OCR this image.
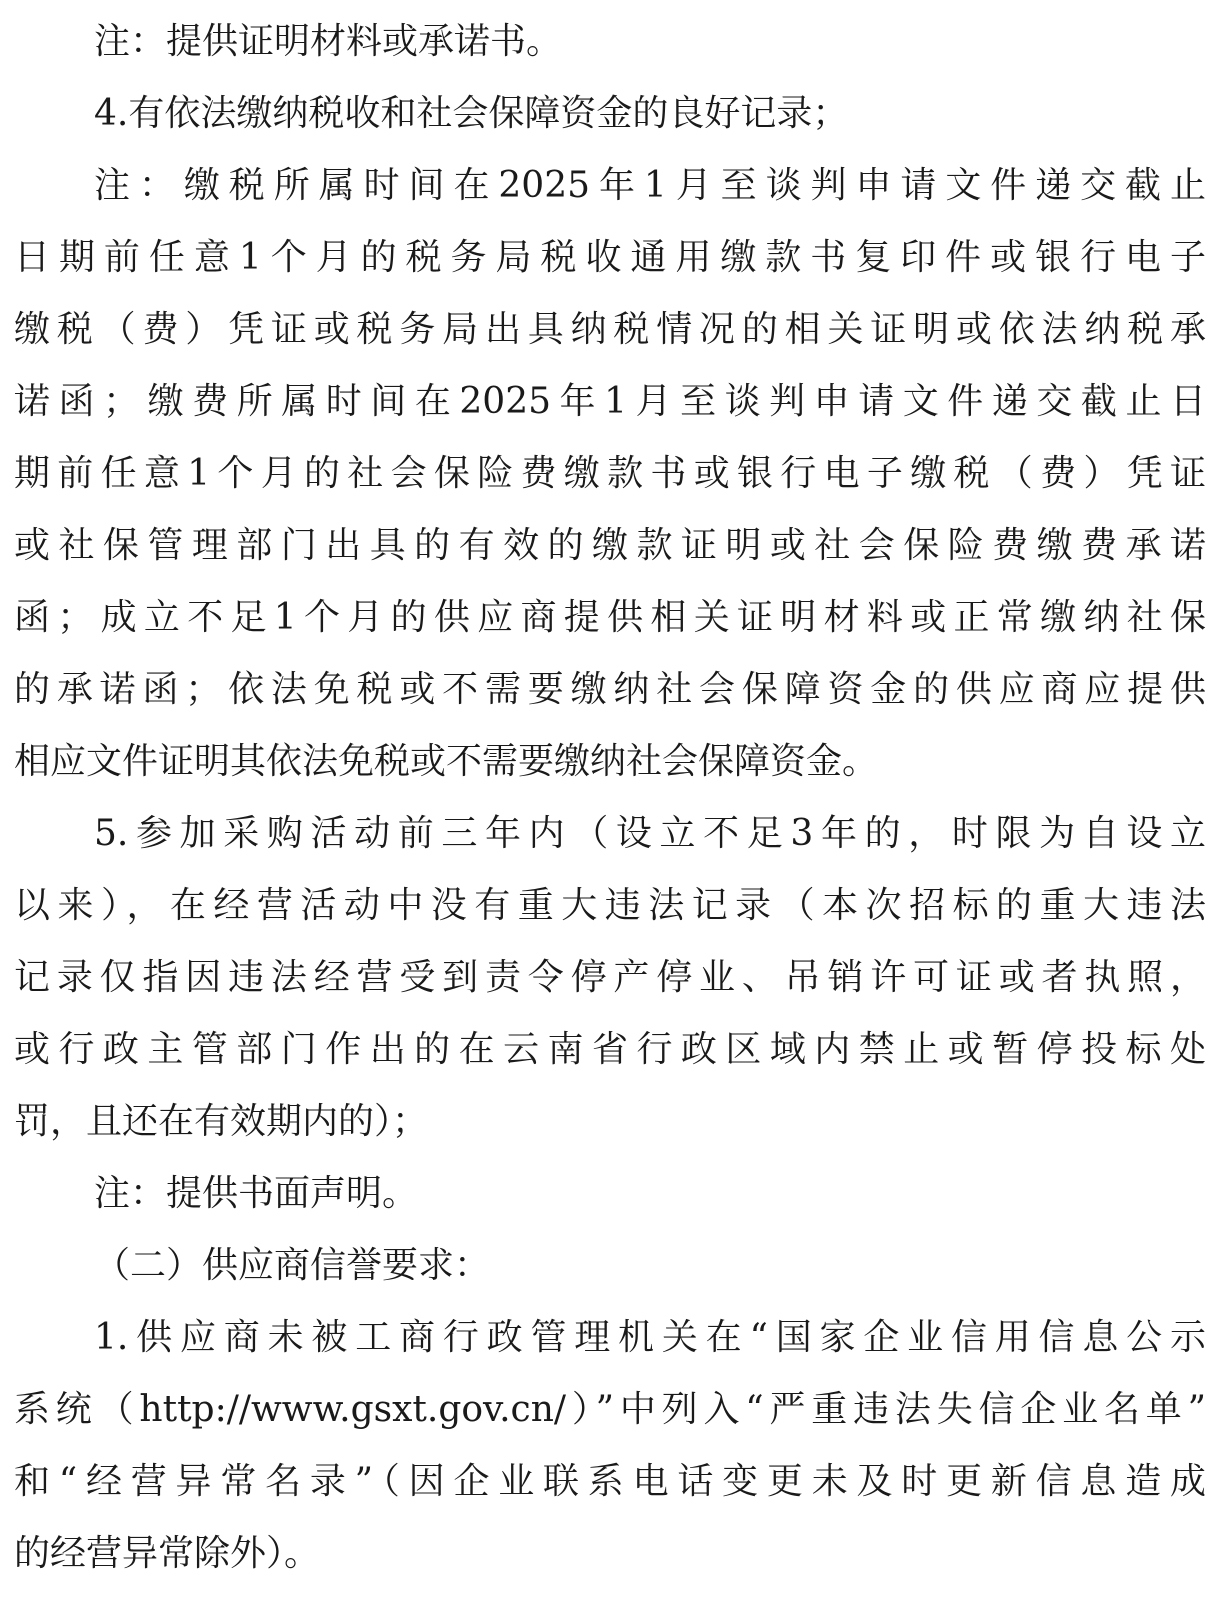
注：提供证明材料或承诺书。
4.有依法缴纳税收和社会保障资金的良好记录；
注：缴税所属时间在2025年1月至谈判申请文件递交截止
日期前任意1个月的税务局税收通用缴款书复印件或银行电子
缴税（费）凭证或税务局出具纳税情况的相关证明或依法纳税承
诺函；缴费所属时间在2025年1月至谈判申请文件递交截止日
期前任意1个月的社会保险费缴款书或银行电子缴税（费）凭证
或社保管理部门出具的有效的缴款证明或社会保险费缴费承诺
函；成立不足1个月的供应商提供相关证明材料或正常缴纳社保
的承诺函；依法免税或不需要缴纳社会保障资金的供应商应提供
相应文件证明其依法免税或不需要缴纳社会保障资金。
5.参加采购活动前三年内（设立不足3年的，时限为自设立
以来），在经营活动中没有重大违法记录（本次招标的重大违法
记录仅指因违法经营受到责令停产停业、吊销许可证或者执照，
或行政主管部门作出的在云南省行政区域内禁止或暂停投标处
罚，且还在有效期内的）；
注：提供书面声明。
（二）供应商信誉要求：
1.供应商未被工商行政管理机关在“国家企业信用信息公示
系统（http://www.gsxt.gov.cn/）”中列入“严重违法失信企业名单”
和“经营异常名录”（因企业联系电话变更未及时更新信息造成
的经营异常除外）。
